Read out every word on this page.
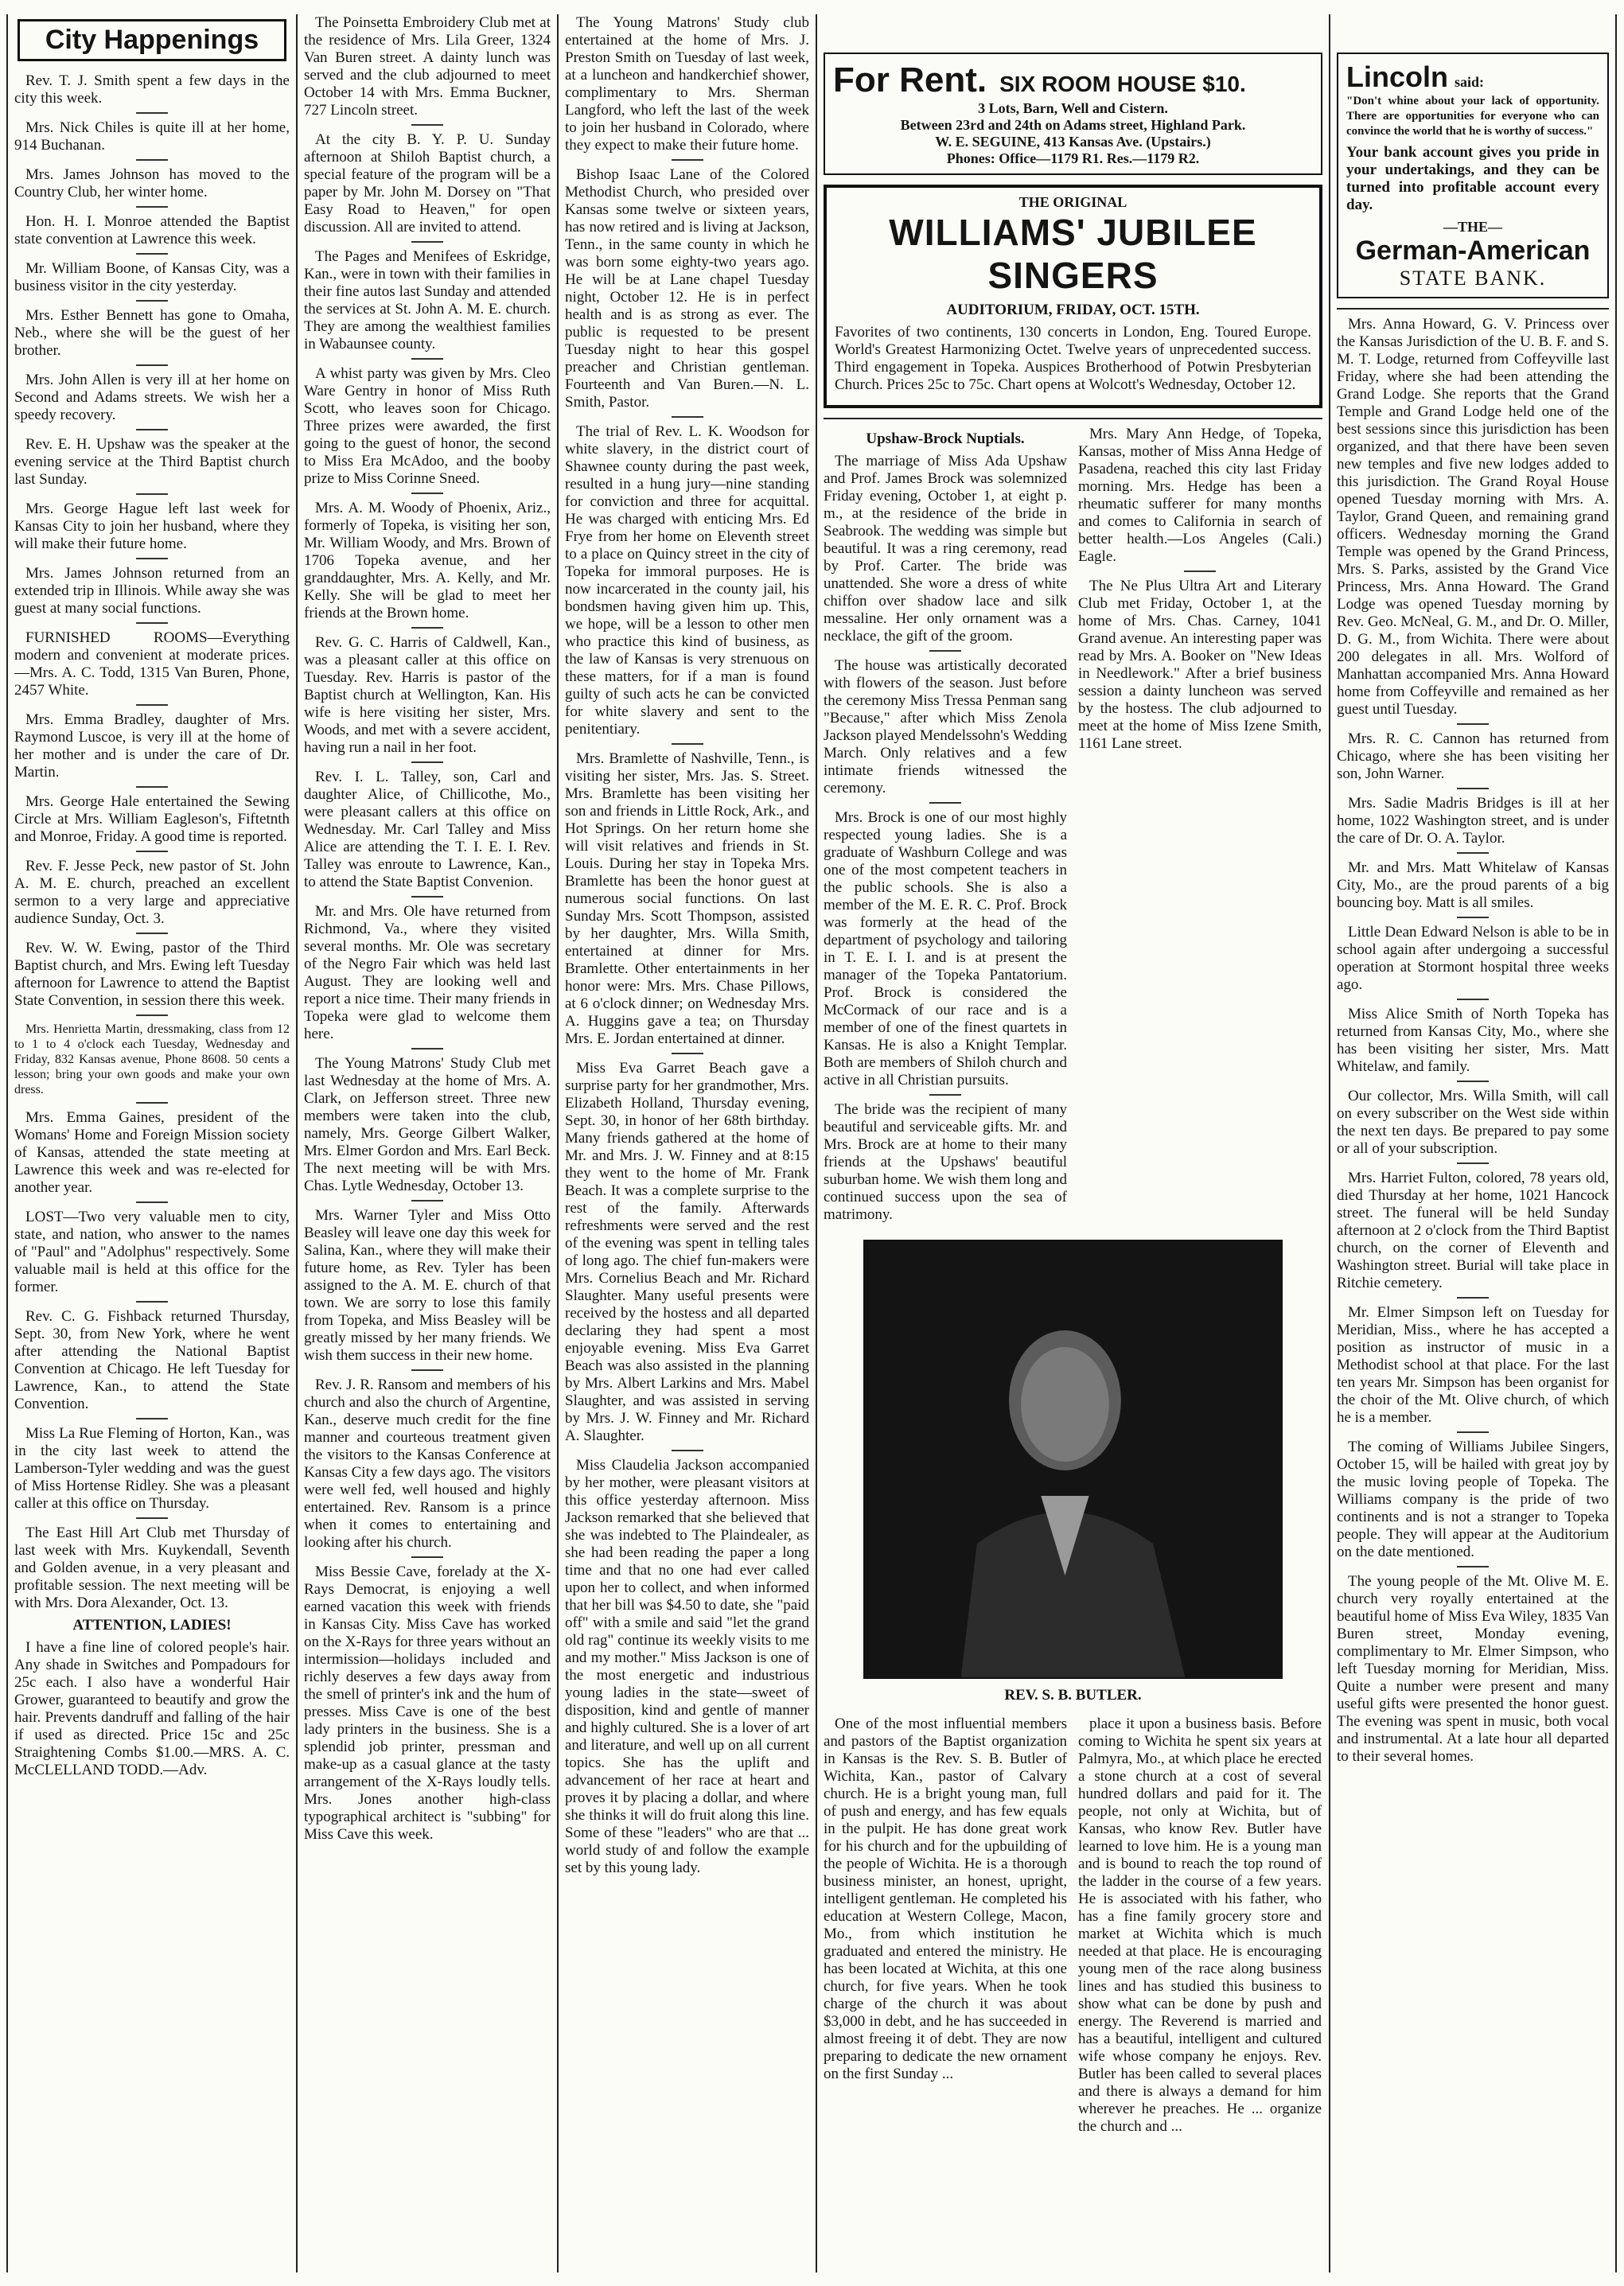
City Happenings

Rev. T. J. Smith spent a few days in the city this week.

Mrs. Nick Chiles is quite ill at her home, 914 Buchanan.

Mrs. James Johnson has moved to the Country Club, her winter home.

Hon. H. I. Monroe attended the Baptist state convention at Lawrence this week.

Mr. William Boone, of Kansas City, was a business visitor in the city yesterday.

Mrs. Esther Bennett has gone to Omaha, Neb., where she will be the guest of her brother.

Mrs. John Allen is very ill at her home on Second and Adams streets. We wish her a speedy recovery.

Rev. E. H. Upshaw was the speaker at the evening service at the Third Baptist church last Sunday.

Mrs. George Hague left last week for Kansas City to join her husband, where they will make their future home.

Mrs. James Johnson returned from an extended trip in Illinois. While away she was guest at many social functions.

FURNISHED ROOMS—Everything modern and convenient at moderate prices.—Mrs. A. C. Todd, 1315 Van Buren, Phone, 2457 White.

Mrs. Emma Bradley, daughter of Mrs. Raymond Luscoe, is very ill at the home of her mother and is under the care of Dr. Martin.

Mrs. George Hale entertained the Sewing Circle at Mrs. William Eagleson's, Fiftetnth and Monroe, Friday. A good time is reported.

Rev. F. Jesse Peck, new pastor of St. John A. M. E. church, preached an excellent sermon to a very large and appreciative audience Sunday, Oct. 3.

Rev. W. W. Ewing, pastor of the Third Baptist church, and Mrs. Ewing left Tuesday afternoon for Lawrence to attend the Baptist State Convention, in session there this week.

Mrs. Henrietta Martin, dressmaking, class from 12 to 1 to 4 o'clock each Tuesday, Wednesday and Friday, 832 Kansas avenue, Phone 8608. 50 cents a lesson; bring your own goods and make your own dress.

Mrs. Emma Gaines, president of the Womans' Home and Foreign Mission society of Kansas, attended the state meeting at Lawrence this week and was re-elected for another year.

LOST—Two very valuable men to city, state, and nation, who answer to the names of "Paul" and "Adolphus" respectively. Some valuable mail is held at this office for the former.

Rev. C. G. Fishback returned Thursday, Sept. 30, from New York, where he went after attending the National Baptist Convention at Chicago. He left Tuesday for Lawrence, Kan., to attend the State Convention.

Miss La Rue Fleming of Horton, Kan., was in the city last week to attend the Lamberson-Tyler wedding and was the guest of Miss Hortense Ridley. She was a pleasant caller at this office on Thursday.

The East Hill Art Club met Thursday of last week with Mrs. Kuykendall, Seventh and Golden avenue, in a very pleasant and profitable session. The next meeting will be with Mrs. Dora Alexander, Oct. 13.

ATTENTION, LADIES!

I have a fine line of colored people's hair. Any shade in Switches and Pompadours for 25c each. I also have a wonderful Hair Grower, guaranteed to beautify and grow the hair. Prevents dandruff and falling of the hair if used as directed. Price 15c and 25c Straightening Combs $1.00.—MRS. A. C. McCLELLAND TODD.—Adv.

The Poinsetta Embroidery Club met at the residence of Mrs. Lila Greer, 1324 Van Buren street. A dainty lunch was served and the club adjourned to meet October 14 with Mrs. Emma Buckner, 727 Lincoln street.

At the city B. Y. P. U. Sunday afternoon at Shiloh Baptist church, a special feature of the program will be a paper by Mr. John M. Dorsey on "That Easy Road to Heaven," for open discussion. All are invited to attend.

The Pages and Menifees of Eskridge, Kan., were in town with their families in their fine autos last Sunday and attended the services at St. John A. M. E. church. They are among the wealthiest families in Wabaunsee county.

A whist party was given by Mrs. Cleo Ware Gentry in honor of Miss Ruth Scott, who leaves soon for Chicago. Three prizes were awarded, the first going to the guest of honor, the second to Miss Era McAdoo, and the booby prize to Miss Corinne Sneed.

Mrs. A. M. Woody of Phoenix, Ariz., formerly of Topeka, is visiting her son, Mr. William Woody, and Mrs. Brown of 1706 Topeka avenue, and her granddaughter, Mrs. A. Kelly, and Mr. Kelly. She will be glad to meet her friends at the Brown home.

Rev. G. C. Harris of Caldwell, Kan., was a pleasant caller at this office on Tuesday. Rev. Harris is pastor of the Baptist church at Wellington, Kan. His wife is here visiting her sister, Mrs. Woods, and met with a severe accident, having run a nail in her foot.

Rev. I. L. Talley, son, Carl and daughter Alice, of Chillicothe, Mo., were pleasant callers at this office on Wednesday. Mr. Carl Talley and Miss Alice are attending the T. I. E. I. Rev. Talley was enroute to Lawrence, Kan., to attend the State Baptist Convenion.

Mr. and Mrs. Ole have returned from Richmond, Va., where they visited several months. Mr. Ole was secretary of the Negro Fair which was held last August. They are looking well and report a nice time. Their many friends in Topeka were glad to welcome them here.

The Young Matrons' Study Club met last Wednesday at the home of Mrs. A. Clark, on Jefferson street. Three new members were taken into the club, namely, Mrs. George Gilbert Walker, Mrs. Elmer Gordon and Mrs. Earl Beck. The next meeting will be with Mrs. Chas. Lytle Wednesday, October 13.

Mrs. Warner Tyler and Miss Otto Beasley will leave one day this week for Salina, Kan., where they will make their future home, as Rev. Tyler has been assigned to the A. M. E. church of that town. We are sorry to lose this family from Topeka, and Miss Beasley will be greatly missed by her many friends. We wish them success in their new home.

Rev. J. R. Ransom and members of his church and also the church of Argentine, Kan., deserve much credit for the fine manner and courteous treatment given the visitors to the Kansas Conference at Kansas City a few days ago. The visitors were well fed, well housed and highly entertained. Rev. Ransom is a prince when it comes to entertaining and looking after his church.

Miss Bessie Cave, forelady at the X-Rays Democrat, is enjoying a well earned vacation this week with friends in Kansas City. Miss Cave has worked on the X-Rays for three years without an intermission—holidays included and richly deserves a few days away from the smell of printer's ink and the hum of presses. Miss Cave is one of the best lady printers in the business. She is a splendid job printer, pressman and make-up as a casual glance at the tasty arrangement of the X-Rays loudly tells. Mrs. Jones another high-class typographical architect is "subbing" for Miss Cave this week.

The Young Matrons' Study club entertained at the home of Mrs. J. Preston Smith on Tuesday of last week, at a luncheon and handkerchief shower, complimentary to Mrs. Sherman Langford, who left the last of the week to join her husband in Colorado, where they expect to make their future home.

Bishop Isaac Lane of the Colored Methodist Church, who presided over Kansas some twelve or sixteen years, has now retired and is living at Jackson, Tenn., in the same county in which he was born some eighty-two years ago. He will be at Lane chapel Tuesday night, October 12. He is in perfect health and is as strong as ever. The public is requested to be present Tuesday night to hear this gospel preacher and Christian gentleman. Fourteenth and Van Buren.—N. L. Smith, Pastor.

The trial of Rev. L. K. Woodson for white slavery, in the district court of Shawnee county during the past week, resulted in a hung jury—nine standing for conviction and three for acquittal. He was charged with enticing Mrs. Ed Frye from her home on Eleventh street to a place on Quincy street in the city of Topeka for immoral purposes. He is now incarcerated in the county jail, his bondsmen having given him up. This, we hope, will be a lesson to other men who practice this kind of business, as the law of Kansas is very strenuous on these matters, for if a man is found guilty of such acts he can be convicted for white slavery and sent to the penitentiary.

Mrs. Bramlette of Nashville, Tenn., is visiting her sister, Mrs. Jas. S. Street. Mrs. Bramlette has been visiting her son and friends in Little Rock, Ark., and Hot Springs. On her return home she will visit relatives and friends in St. Louis. During her stay in Topeka Mrs. Bramlette has been the honor guest at numerous social functions. On last Sunday Mrs. Scott Thompson, assisted by her daughter, Mrs. Willa Smith, entertained at dinner for Mrs. Bramlette. Other entertainments in her honor were: Mrs. Mrs. Chase Pillows, at 6 o'clock dinner; on Wednesday Mrs. A. Huggins gave a tea; on Thursday Mrs. E. Jordan entertained at dinner.

Miss Eva Garret Beach gave a surprise party for her grandmother, Mrs. Elizabeth Holland, Thursday evening, Sept. 30, in honor of her 68th birthday. Many friends gathered at the home of Mr. and Mrs. J. W. Finney and at 8:15 they went to the home of Mr. Frank Beach. It was a complete surprise to the rest of the family. Afterwards refreshments were served and the rest of the evening was spent in telling tales of long ago. The chief fun-makers were Mrs. Cornelius Beach and Mr. Richard Slaughter. Many useful presents were received by the hostess and all departed declaring they had spent a most enjoyable evening. Miss Eva Garret Beach was also assisted in the planning by Mrs. Albert Larkins and Mrs. Mabel Slaughter, and was assisted in serving by Mrs. J. W. Finney and Mr. Richard A. Slaughter.

Miss Claudelia Jackson accompanied by her mother, were pleasant visitors at this office yesterday afternoon. Miss Jackson remarked that she believed that she was indebted to The Plaindealer, as she had been reading the paper a long time and that no one had ever called upon her to collect, and when informed that her bill was $4.50 to date, she "paid off" with a smile and said "let the grand old rag" continue its weekly visits to me and my mother." Miss Jackson is one of the most energetic and industrious young ladies in the state—sweet of disposition, kind and gentle of manner and highly cultured. She is a lover of art and literature, and well up on all current topics. She has the uplift and advancement of her race at heart and proves it by placing a dollar, and where she thinks it will do fruit along this line. Some of these "leaders" who are that ... world study of and follow the example set by this young lady.

For Rent. SIX ROOM HOUSE $10.
3 Lots, Barn, Well and Cistern.
Between 23rd and 24th on Adams street, Highland Park.
W. E. SEGUINE, 413 Kansas Ave. (Upstairs.)
Phones: Office—1179 R1. Res.—1179 R2.
THE ORIGINAL
WILLIAMS' JUBILEE SINGERS
AUDITORIUM, FRIDAY, OCT. 15TH.

Favorites of two continents, 130 concerts in London, Eng. Toured Europe. World's Greatest Harmonizing Octet. Twelve years of unprecedented success. Third engagement in Topeka. Auspices Brotherhood of Potwin Presbyterian Church. Prices 25c to 75c. Chart opens at Wolcott's Wednesday, October 12.

Upshaw-Brock Nuptials.

The marriage of Miss Ada Upshaw and Prof. James Brock was solemnized Friday evening, October 1, at eight p. m., at the residence of the bride in Seabrook. The wedding was simple but beautiful. It was a ring ceremony, read by Prof. Carter. The bride was unattended. She wore a dress of white chiffon over shadow lace and silk messaline. Her only ornament was a necklace, the gift of the groom.

The house was artistically decorated with flowers of the season. Just before the ceremony Miss Tressa Penman sang "Because," after which Miss Zenola Jackson played Mendelssohn's Wedding March. Only relatives and a few intimate friends witnessed the ceremony.

Mrs. Brock is one of our most highly respected young ladies. She is a graduate of Washburn College and was one of the most competent teachers in the public schools. She is also a member of the M. E. R. C. Prof. Brock was formerly at the head of the department of psychology and tailoring in T. E. I. I. and is at present the manager of the Topeka Pantatorium. Prof. Brock is considered the McCormack of our race and is a member of one of the finest quartets in Kansas. He is also a Knight Templar. Both are members of Shiloh church and active in all Christian pursuits.

The bride was the recipient of many beautiful and serviceable gifts. Mr. and Mrs. Brock are at home to their many friends at the Upshaws' beautiful suburban home. We wish them long and continued success upon the sea of matrimony.

Mrs. Mary Ann Hedge, of Topeka, Kansas, mother of Miss Anna Hedge of Pasadena, reached this city last Friday morning. Mrs. Hedge has been a rheumatic sufferer for many months and comes to California in search of better health.—Los Angeles (Cali.) Eagle.

The Ne Plus Ultra Art and Literary Club met Friday, October 1, at the home of Mrs. Chas. Carney, 1041 Grand avenue. An interesting paper was read by Mrs. A. Booker on "New Ideas in Needlework." After a brief business session a dainty luncheon was served by the hostess. The club adjourned to meet at the home of Miss Izene Smith, 1161 Lane street.

REV. S. B. BUTLER.

One of the most influential members and pastors of the Baptist organization in Kansas is the Rev. S. B. Butler of Wichita, Kan., pastor of Calvary church. He is a bright young man, full of push and energy, and has few equals in the pulpit. He has done great work for his church and for the upbuilding of the people of Wichita. He is a thorough business minister, an honest, upright, intelligent gentleman. He completed his education at Western College, Macon, Mo., from which institution he graduated and entered the ministry. He has been located at Wichita, at this one church, for five years. When he took charge of the church it was about $3,000 in debt, and he has succeeded in almost freeing it of debt. They are now preparing to dedicate the new ornament on the first Sunday ...

place it upon a business basis. Before coming to Wichita he spent six years at Palmyra, Mo., at which place he erected a stone church at a cost of several hundred dollars and paid for it. The people, not only at Wichita, but of Kansas, who know Rev. Butler have learned to love him. He is a young man and is bound to reach the top round of the ladder in the course of a few years. He is associated with his father, who has a fine family grocery store and market at Wichita which is much needed at that place. He is encouraging young men of the race along business lines and has studied this business to show what can be done by push and energy. The Reverend is married and has a beautiful, intelligent and cultured wife whose company he enjoys. Rev. Butler has been called to several places and there is always a demand for him wherever he preaches. He ... organize the church and ...

Lincoln said:

"Don't whine about your lack of opportunity. There are opportunities for everyone who can convince the world that he is worthy of success."

Your bank account gives you pride in your undertakings, and they can be turned into profitable account every day.

—THE—
German-American
STATE BANK.

Mrs. Anna Howard, G. V. Princess over the Kansas Jurisdiction of the U. B. F. and S. M. T. Lodge, returned from Coffeyville last Friday, where she had been attending the Grand Lodge. She reports that the Grand Temple and Grand Lodge held one of the best sessions since this jurisdiction has been organized, and that there have been seven new temples and five new lodges added to this jurisdiction. The Grand Royal House opened Tuesday morning with Mrs. A. Taylor, Grand Queen, and remaining grand officers. Wednesday morning the Grand Temple was opened by the Grand Princess, Mrs. S. Parks, assisted by the Grand Vice Princess, Mrs. Anna Howard. The Grand Lodge was opened Tuesday morning by Rev. Geo. McNeal, G. M., and Dr. O. Miller, D. G. M., from Wichita. There were about 200 delegates in all. Mrs. Wolford of Manhattan accompanied Mrs. Anna Howard home from Coffeyville and remained as her guest until Tuesday.

Mrs. R. C. Cannon has returned from Chicago, where she has been visiting her son, John Warner.

Mrs. Sadie Madris Bridges is ill at her home, 1022 Washington street, and is under the care of Dr. O. A. Taylor.

Mr. and Mrs. Matt Whitelaw of Kansas City, Mo., are the proud parents of a big bouncing boy. Matt is all smiles.

Little Dean Edward Nelson is able to be in school again after undergoing a successful operation at Stormont hospital three weeks ago.

Miss Alice Smith of North Topeka has returned from Kansas City, Mo., where she has been visiting her sister, Mrs. Matt Whitelaw, and family.

Our collector, Mrs. Willa Smith, will call on every subscriber on the West side within the next ten days. Be prepared to pay some or all of your subscription.

Mrs. Harriet Fulton, colored, 78 years old, died Thursday at her home, 1021 Hancock street. The funeral will be held Sunday afternoon at 2 o'clock from the Third Baptist church, on the corner of Eleventh and Washington street. Burial will take place in Ritchie cemetery.

Mr. Elmer Simpson left on Tuesday for Meridian, Miss., where he has accepted a position as instructor of music in a Methodist school at that place. For the last ten years Mr. Simpson has been organist for the choir of the Mt. Olive church, of which he is a member.

The coming of Williams Jubilee Singers, October 15, will be hailed with great joy by the music loving people of Topeka. The Williams company is the pride of two continents and is not a stranger to Topeka people. They will appear at the Auditorium on the date mentioned.

The young people of the Mt. Olive M. E. church very royally entertained at the beautiful home of Miss Eva Wiley, 1835 Van Buren street, Monday evening, complimentary to Mr. Elmer Simpson, who left Tuesday morning for Meridian, Miss. Quite a number were present and many useful gifts were presented the honor guest. The evening was spent in music, both vocal and instrumental. At a late hour all departed to their several homes.
